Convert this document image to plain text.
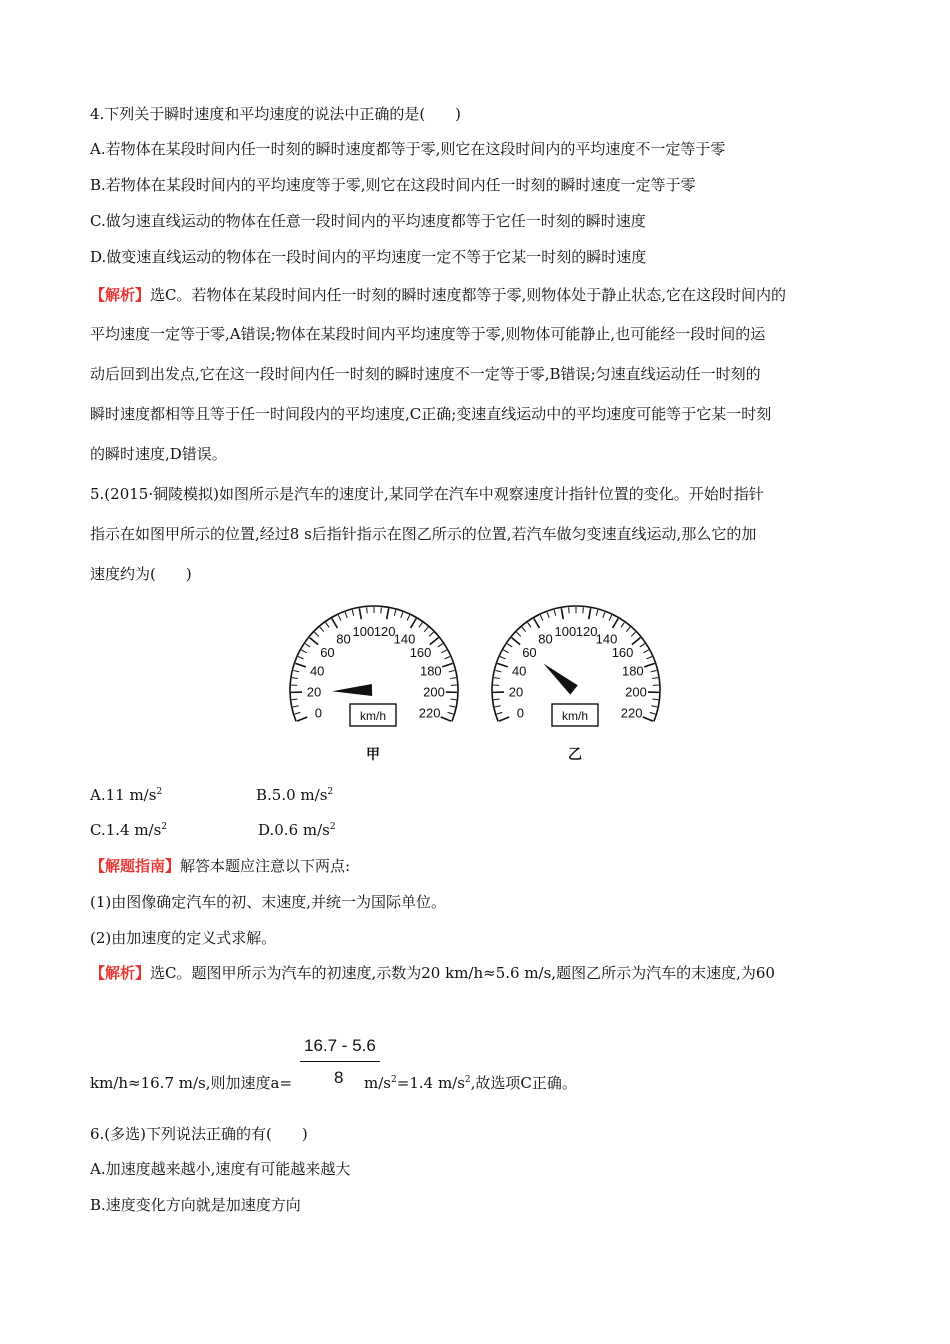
4.下列关于瞬时速度和平均速度的说法中正确的是(　　)
A.若物体在某段时间内任一时刻的瞬时速度都等于零,则它在这段时间内的平均速度不一定等于零
B.若物体在某段时间内的平均速度等于零,则它在这段时间内任一时刻的瞬时速度一定等于零
C.做匀速直线运动的物体在任意一段时间内的平均速度都等于它任一时刻的瞬时速度
D.做变速直线运动的物体在一段时间内的平均速度一定不等于它某一时刻的瞬时速度
【解析】选C。若物体在某段时间内任一时刻的瞬时速度都等于零,则物体处于静止状态,它在这段时间内的
平均速度一定等于零,A错误;物体在某段时间内平均速度等于零,则物体可能静止,也可能经一段时间的运
动后回到出发点,它在这一段时间内任一时刻的瞬时速度不一定等于零,B错误;匀速直线运动任一时刻的
瞬时速度都相等且等于任一时间段内的平均速度,C正确;变速直线运动中的平均速度可能等于它某一时刻
的瞬时速度,D错误。
5.(2015·铜陵模拟)如图所示是汽车的速度计,某同学在汽车中观察速度计指针位置的变化。开始时指针
指示在如图甲所示的位置,经过8 s后指针指示在图乙所示的位置,若汽车做匀变速直线运动,那么它的加
速度约为(　　)
0
20
40
60
80 100 120
140
160
180
200
220
km/h
甲
0
20
40
60
80 100 120
140
160
180
200
220
km/h
乙
A.11 $m/s^2$	B.5.0 $m/s^2$
C.1.4 $m/s^2$	D.0.6 $m/s^2$
【解题指南】解答本题应注意以下两点:
(1)由图像确定汽车的初、末速度,并统一为国际单位。
(2)由加速度的定义式求解。
【解析】选C。题图甲所示为汽车的初速度,示数为20 km/h≈5.6 m/s,题图乙所示为汽车的末速度,为60
16.7 - 5.6
8
km/h≈16.7 m/s,则加速度a=	$m/s^2=1.4$ $m/s^2$,故选项C正确。
6.(多选)下列说法正确的有(　　)
A.加速度越来越小,速度有可能越来越大
B.速度变化方向就是加速度方向
